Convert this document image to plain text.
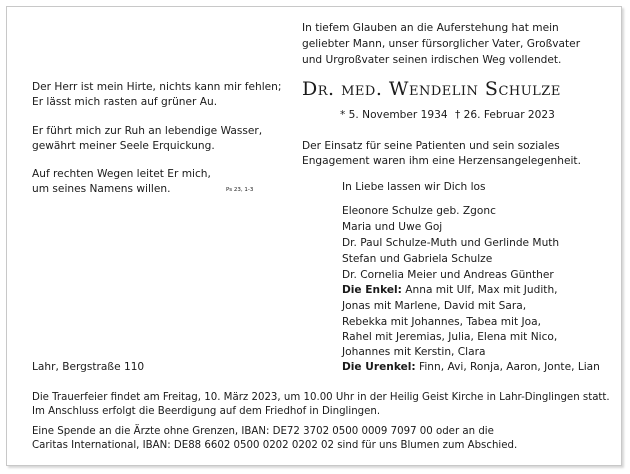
In tiefem Glauben an die Auferstehung hat mein
geliebter Mann, unser fürsorglicher Vater, Großvater
und Urgroßvater seinen irdischen Weg vollendet.
Dr. med. Wendelin Schulze
* 5. November 1934 † 26. Februar 2023
Der Einsatz für seine Patienten und sein soziales
Engagement waren ihm eine Herzensangelegenheit.
Der Herr ist mein Hirte, nichts kann mir fehlen;
Er lässt mich rasten auf grüner Au.
Er führt mich zur Ruh an lebendige Wasser,
gewährt meiner Seele Erquickung.
Auf rechten Wegen leitet Er mich,
um seines Namens willen.	Ps 23, 1-3	In Liebe lassen wir Dich los
Eleonore Schulze geb. Zgonc
Maria und Uwe Goj
Dr. Paul Schulze-Muth und Gerlinde Muth
Stefan und Gabriela Schulze
Dr. Cornelia Meier und Andreas Günther
Die Enkel: Anna mit Ulf, Max mit Judith,
Jonas mit Marlene, David mit Sara,
Rebekka mit Johannes, Tabea mit Joa,
Rahel mit Jeremias, Julia, Elena mit Nico,
Johannes mit Kerstin, Clara
Die Urenkel: Finn, Avi, Ronja, Aaron, Jonte, Lian
Lahr, Bergstraße 110
Die Trauerfeier findet am Freitag, 10. März 2023, um 10.00 Uhr in der Heilig Geist Kirche in Lahr-Dinglingen statt.
Im Anschluss erfolgt die Beerdigung auf dem Friedhof in Dinglingen.
Eine Spende an die Ärzte ohne Grenzen, IBAN: DE72 3702 0500 0009 7097 00 oder an die
Caritas International, IBAN: DE88 6602 0500 0202 0202 02 sind für uns Blumen zum Abschied.
